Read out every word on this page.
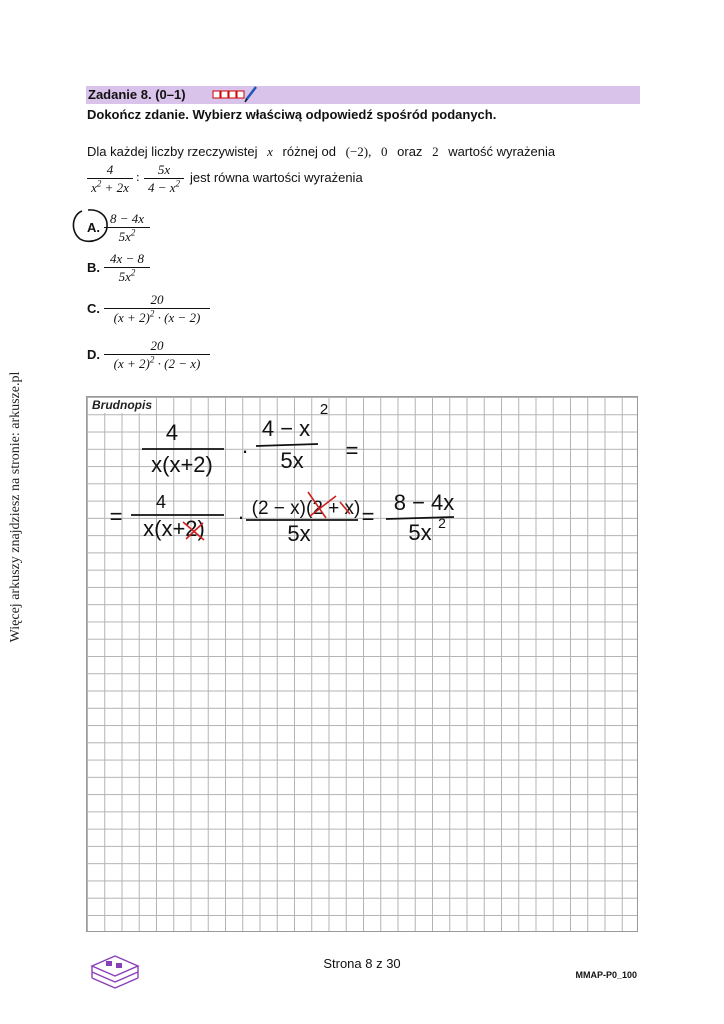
Więcej arkuszy znajdziesz na stronie: arkusze.pl
Zadanie 8. (0–1)
Dokończ zdanie. Wybierz właściwą odpowiedź spośród podanych.
Dla każdej liczby rzeczywistej x różnej od (−2), 0 oraz 2 wartość wyrażenia
4
$x^2 + 2x$
:	5x
$4 - x^2$ jest równa wartości wyrażenia
A.
8 − 4x
$5x^2$
B.
4x − 8
$5x^2$
C.
20
$(x + 2)^2 \cdot (x - 2)$
D.
20
$(x + 2)^2 \cdot (2 - x)$
Brudnopis
4
x(x+2)
·
4 − x
2
5x =
=
4
x(x+2) · (2 − x)(2 + x)
5x
=
8 − 4x
5x 2
Strona 8 z 30
MMAP-P0_100
